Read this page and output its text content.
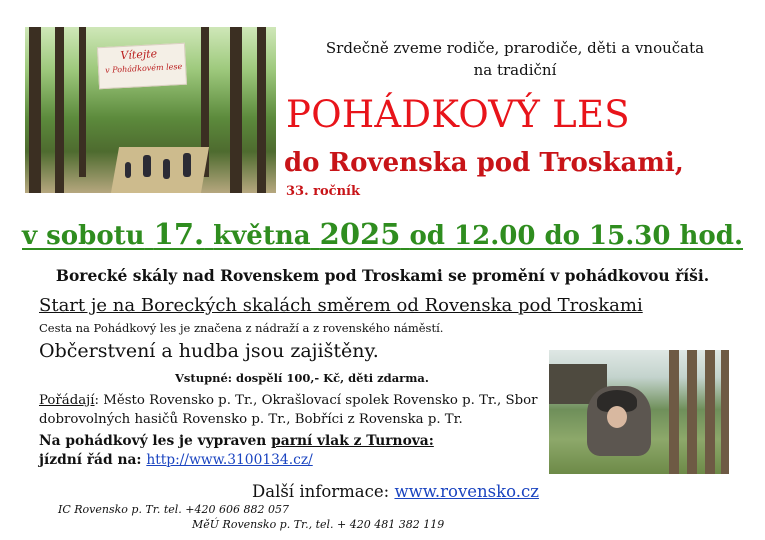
Vítejte
v Pohádkovém lese
Srdečně zveme rodiče, prarodiče, děti a vnoučata
na tradiční
POHÁDKOVÝ LES
do Rovenska pod Troskami,
33. ročník
v sobotu 17. května 2025 od 12.00 do 15.30 hod.
Borecké skály nad Rovenskem pod Troskami se promění v pohádkovou říši.
Start je na Boreckých skalách směrem od Rovenska pod Troskami
Cesta na Pohádkový les je značena z nádraží a z rovenského náměstí.
Občerstvení a hudba jsou zajištěny.
Vstupné: dospělí 100,- Kč, děti zdarma.
Pořádají: Město Rovensko p. Tr., Okrašlovací spolek Rovensko p. Tr., Sbor dobrovolných hasičů Rovensko p. Tr., Bobříci z Rovenska p. Tr.
Na pohádkový les je vypraven parní vlak z Turnova:
jízdní řád na: http://www.3100134.cz/
Další informace: www.rovensko.cz
IC Rovensko p. Tr. tel. +420 606 882 057
MěÚ Rovensko p. Tr., tel. + 420 481 382 119
